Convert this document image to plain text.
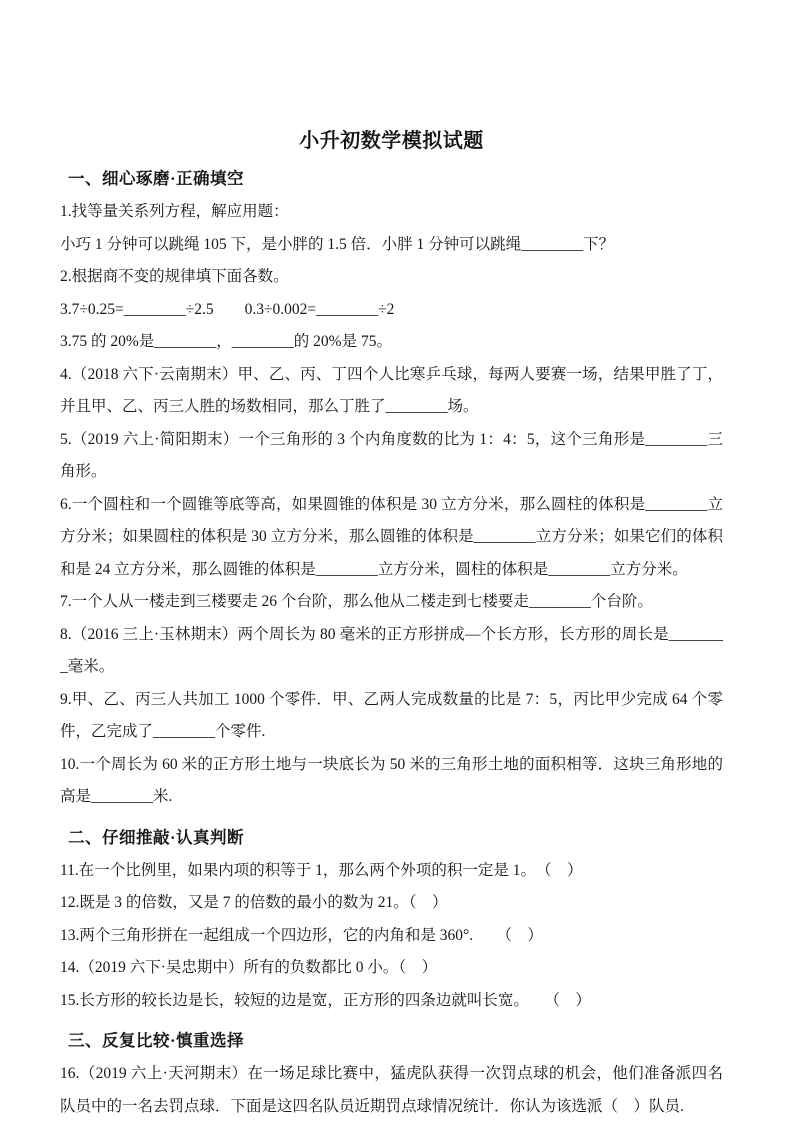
小升初数学模拟试题
一、细心琢磨·正确填空

1.找等量关系列方程，解应用题：

小巧 1 分钟可以跳绳 105 下，是小胖的 1.5 倍．小胖 1 分钟可以跳绳________下？

2.根据商不变的规律填下面各数。

3.7÷0.25=________÷2.5　　0.3÷0.002=________÷2

3.75 的 20%是________，________的 20%是 75。

4.（2018 六下·云南期末）甲、乙、丙、丁四个人比寒乒乓球，每两人要赛一场，结果甲胜了丁，并且甲、乙、丙三人胜的场数相同，那么丁胜了________场。

5.（2019 六上·简阳期末）一个三角形的 3 个内角度数的比为 1：4：5，这个三角形是________三角形。

6.一个圆柱和一个圆锥等底等高，如果圆锥的体积是 30 立方分米，那么圆柱的体积是________立方分米；如果圆柱的体积是 30 立方分米，那么圆锥的体积是________立方分米；如果它们的体积和是 24 立方分米，那么圆锥的体积是________立方分米，圆柱的体积是________立方分米。

7.一个人从一楼走到三楼要走 26 个台阶，那么他从二楼走到七楼要走________个台阶。

8.（2016 三上·玉林期末）两个周长为 80 毫米的正方形拼成—个长方形，长方形的周长是________毫米。

9.甲、乙、丙三人共加工 1000 个零件．甲、乙两人完成数量的比是 7：5，丙比甲少完成 64 个零件，乙完成了________个零件.

10.一个周长为 60 米的正方形土地与一块底长为 50 米的三角形土地的面积相等．这块三角形地的高是________米.

二、仔细推敲·认真判断

11.在一个比例里，如果内项的积等于 1，那么两个外项的积一定是 1。　（　）

12.既是 3 的倍数，又是 7 的倍数的最小的数为 21。（　）

13.两个三角形拼在一起组成一个四边形，它的内角和是 360°.　　（　）

14.（2019 六下·吴忠期中）所有的负数都比 0 小。（　）

15.长方形的较长边是长，较短的边是宽，正方形的四条边就叫长宽。　　（　）

三、反复比较·慎重选择

16.（2019 六上·天河期末）在一场足球比赛中，猛虎队获得一次罚点球的机会，他们准备派四名队员中的一名去罚点球．下面是这四名队员近期罚点球情况统计．你认为该选派（　）队员.
